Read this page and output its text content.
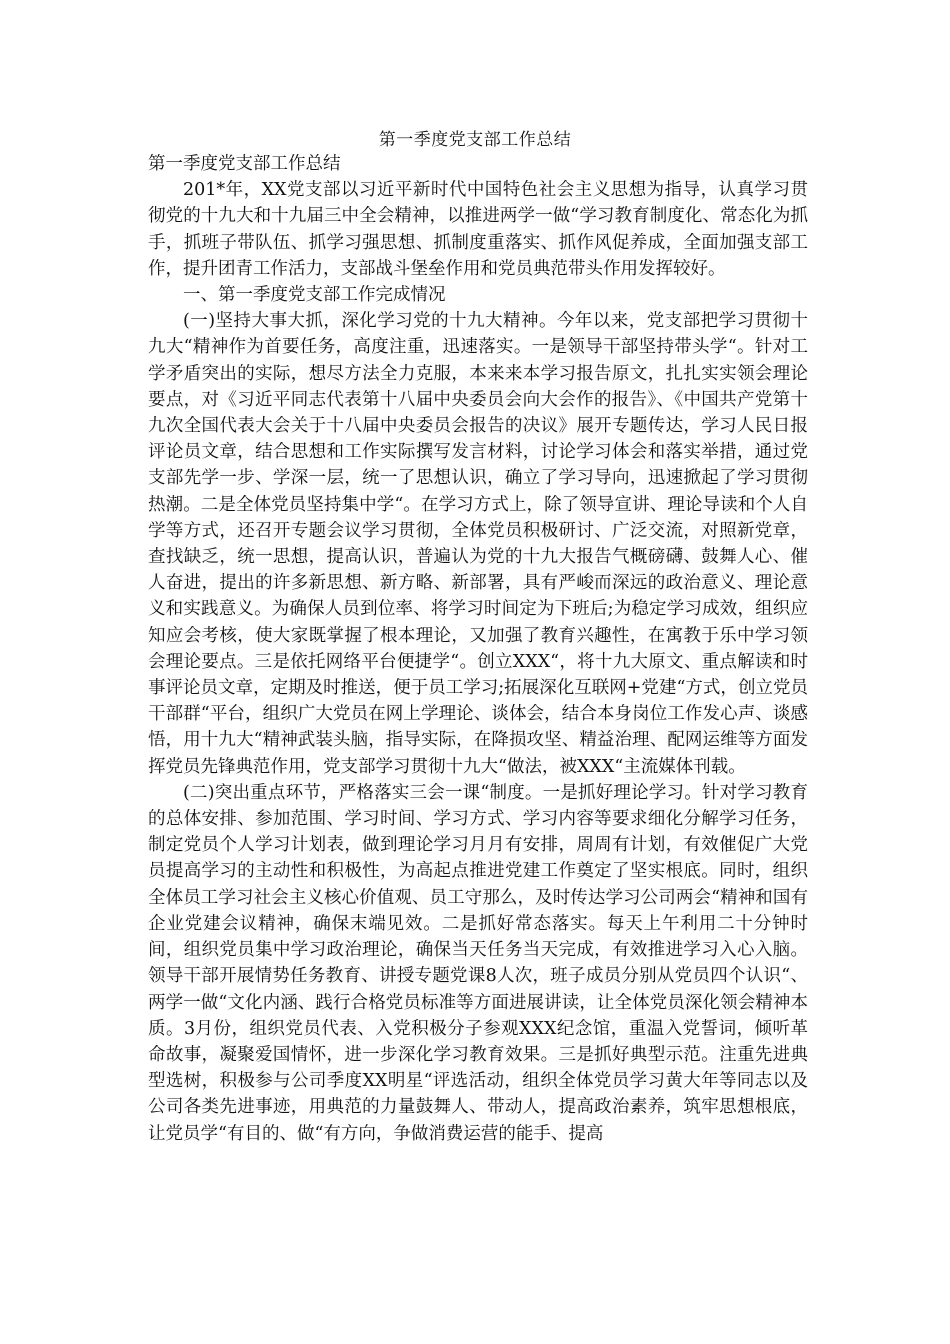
第一季度党支部工作总结

第一季度党支部工作总结

201*年，XX党支部以习近平新时代中国特色社会主义思想为指导，认真学习贯彻党的十九大和十九届三中全会精神，以推进两学一做“学习教育制度化、常态化为抓手，抓班子带队伍、抓学习强思想、抓制度重落实、抓作风促养成，全面加强支部工作，提升团青工作活力，支部战斗堡垒作用和党员典范带头作用发挥较好。

一、第一季度党支部工作完成情况

(一)坚持大事大抓，深化学习党的十九大精神。今年以来，党支部把学习贯彻十九大“精神作为首要任务，高度注重，迅速落实。一是领导干部坚持带头学“。针对工学矛盾突出的实际，想尽方法全力克服，本来来本学习报告原文，扎扎实实领会理论要点，对《习近平同志代表第十八届中央委员会向大会作的报告》、《中国共产党第十九次全国代表大会关于十八届中央委员会报告的决议》展开专题传达，学习人民日报评论员文章，结合思想和工作实际撰写发言材料，讨论学习体会和落实举措，通过党支部先学一步、学深一层，统一了思想认识，确立了学习导向，迅速掀起了学习贯彻热潮。二是全体党员坚持集中学“。在学习方式上，除了领导宣讲、理论导读和个人自学等方式，还召开专题会议学习贯彻，全体党员积极研讨、广泛交流，对照新党章，查找缺乏，统一思想，提高认识，普遍认为党的十九大报告气概磅礴、鼓舞人心、催人奋进，提出的许多新思想、新方略、新部署，具有严峻而深远的政治意义、理论意义和实践意义。为确保人员到位率、将学习时间定为下班后;为稳定学习成效，组织应知应会考核，使大家既掌握了根本理论，又加强了教育兴趣性，在寓教于乐中学习领会理论要点。三是依托网络平台便捷学“。创立XXX“，将十九大原文、重点解读和时事评论员文章，定期及时推送，便于员工学习;拓展深化互联网+党建“方式，创立党员干部群“平台，组织广大党员在网上学理论、谈体会，结合本身岗位工作发心声、谈感悟，用十九大“精神武装头脑，指导实际，在降损攻坚、精益治理、配网运维等方面发挥党员先锋典范作用，党支部学习贯彻十九大“做法，被XXX“主流媒体刊载。

(二)突出重点环节，严格落实三会一课“制度。一是抓好理论学习。针对学习教育的总体安排、参加范围、学习时间、学习方式、学习内容等要求细化分解学习任务，制定党员个人学习计划表，做到理论学习月月有安排，周周有计划，有效催促广大党员提高学习的主动性和积极性，为高起点推进党建工作奠定了坚实根底。同时，组织全体员工学习社会主义核心价值观、员工守那么，及时传达学习公司两会“精神和国有企业党建会议精神，确保末端见效。二是抓好常态落实。每天上午利用二十分钟时间，组织党员集中学习政治理论，确保当天任务当天完成，有效推进学习入心入脑。领导干部开展情势任务教育、讲授专题党课8人次，班子成员分别从党员四个认识“、两学一做“文化内涵、践行合格党员标准等方面进展讲读，让全体党员深化领会精神本质。3月份，组织党员代表、入党积极分子参观XXX纪念馆，重温入党誓词，倾听革命故事，凝聚爱国情怀，进一步深化学习教育效果。三是抓好典型示范。注重先进典型选树，积极参与公司季度XX明星“评选活动，组织全体党员学习黄大年等同志以及公司各类先进事迹，用典范的力量鼓舞人、带动人，提高政治素养，筑牢思想根底，让党员学“有目的、做“有方向，争做消费运营的能手、提高
